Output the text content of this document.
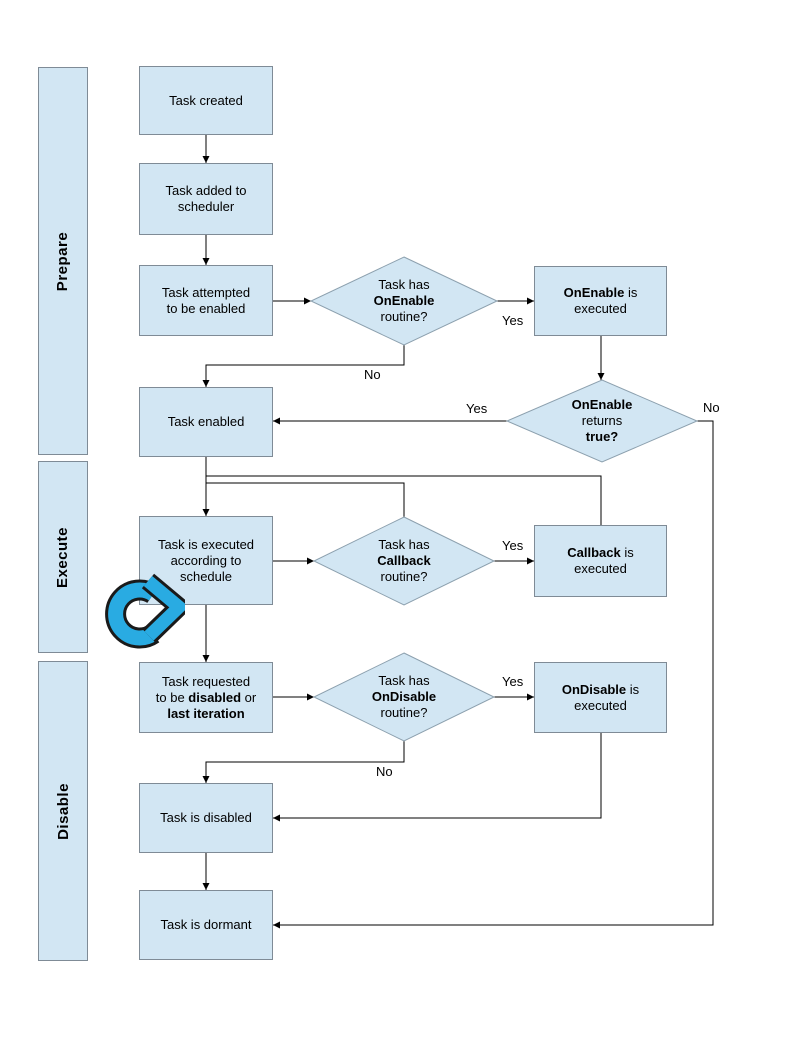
Prepare
Execute
Disable
Task created
Task added to
scheduler
Task attempted
to be enabled
Task enabled
Task is executed
according to
schedule
Task requested
to be disabled or
last iteration
Task is disabled
Task is dormant
OnEnable is
executed
Callback is
executed
OnDisable is
executed
Task has
OnEnable
routine?
OnEnable
returns
true?
Task has
Callback
routine?
Task has
OnDisable
routine?
Yes
No
Yes	No
Yes
Yes
No
